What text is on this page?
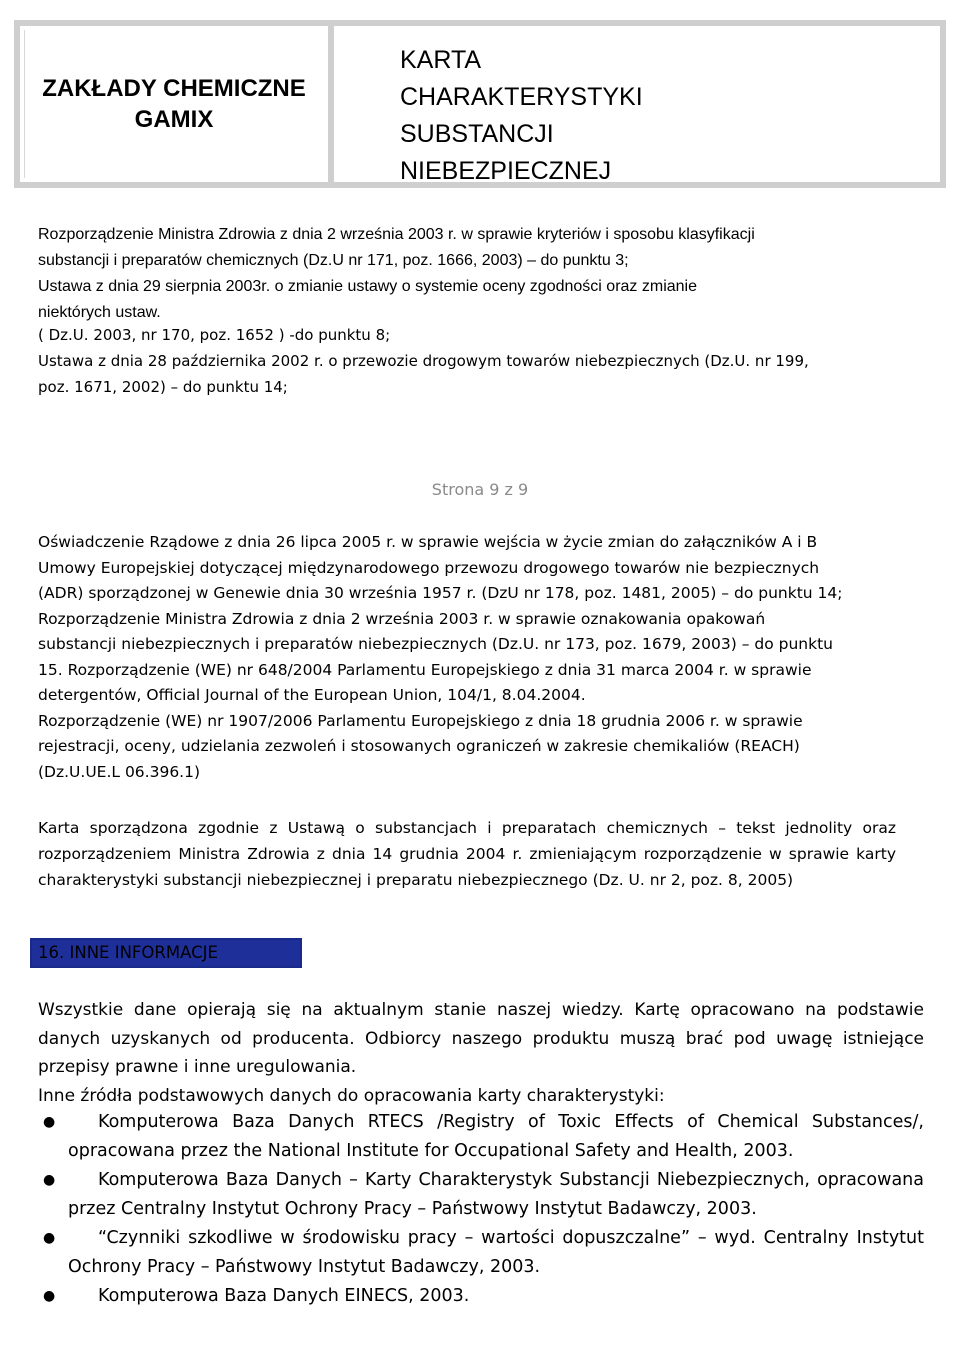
ZAKŁADY CHEMICZNE GAMIX
KARTA
CHARAKTERYSTYKI
SUBSTANCJI
NIEBEZPIECZNEJ

Rozporządzenie Ministra Zdrowia z dnia 2 września 2003 r. w sprawie kryteriów i sposobu klasyfikacji

substancji i preparatów chemicznych (Dz.U nr 171, poz. 1666, 2003) – do punktu 3;

Ustawa z dnia 29 sierpnia 2003r. o zmianie ustawy o systemie oceny zgodności oraz zmianie

niektórych ustaw.

( Dz.U. 2003, nr 170, poz. 1652 ) -do punktu 8;

Ustawa z dnia 28 października 2002 r. o przewozie drogowym towarów niebezpiecznych (Dz.U. nr 199,

poz. 1671, 2002) – do punktu 14;

Strona 9 z 9

Oświadczenie Rządowe z dnia 26 lipca 2005 r. w sprawie wejścia w życie zmian do załączników A i B

Umowy Europejskiej dotyczącej międzynarodowego przewozu drogowego towarów nie bezpiecznych

(ADR) sporządzonej w Genewie dnia 30 września 1957 r. (DzU nr 178, poz. 1481, 2005) – do punktu 14;

Rozporządzenie Ministra Zdrowia z dnia 2 września 2003 r. w sprawie oznakowania opakowań

substancji niebezpiecznych i preparatów niebezpiecznych (Dz.U. nr 173, poz. 1679, 2003) – do punktu

15. Rozporządzenie (WE) nr 648/2004 Parlamentu Europejskiego z dnia 31 marca 2004 r. w sprawie

detergentów, Official Journal of the European Union, 104/1, 8.04.2004.

Rozporządzenie (WE) nr 1907/2006 Parlamentu Europejskiego z dnia 18 grudnia 2006 r. w sprawie

rejestracji, oceny, udzielania zezwoleń i stosowanych ograniczeń w zakresie chemikaliów (REACH)

(Dz.U.UE.L 06.396.1)

Karta sporządzona zgodnie z Ustawą o substancjach i preparatach chemicznych – tekst jednolity oraz rozporządzeniem Ministra Zdrowia z dnia 14 grudnia 2004 r. zmieniającym rozporządzenie w sprawie karty charakterystyki substancji niebezpiecznej i preparatu niebezpiecznego (Dz. U. nr 2, poz. 8, 2005)
16. INNE INFORMACJE
Wszystkie dane opierają się na aktualnym stanie naszej wiedzy. Kartę opracowano na podstawie danych uzyskanych od producenta. Odbiorcy naszego produktu muszą brać pod uwagę istniejące przepisy prawne i inne uregulowania.
Inne źródła podstawowych danych do opracowania karty charakterystyki:
● Komputerowa Baza Danych RTECS /Registry of Toxic Effects of Chemical Substances/, opracowana przez the National Institute for Occupational Safety and Health, 2003.
● Komputerowa Baza Danych – Karty Charakterystyk Substancji Niebezpiecznych, opracowana przez Centralny Instytut Ochrony Pracy – Państwowy Instytut Badawczy, 2003.
● “Czynniki szkodliwe w środowisku pracy – wartości dopuszczalne” – wyd. Centralny Instytut Ochrony Pracy – Państwowy Instytut Badawczy, 2003.
● Komputerowa Baza Danych EINECS, 2003.
